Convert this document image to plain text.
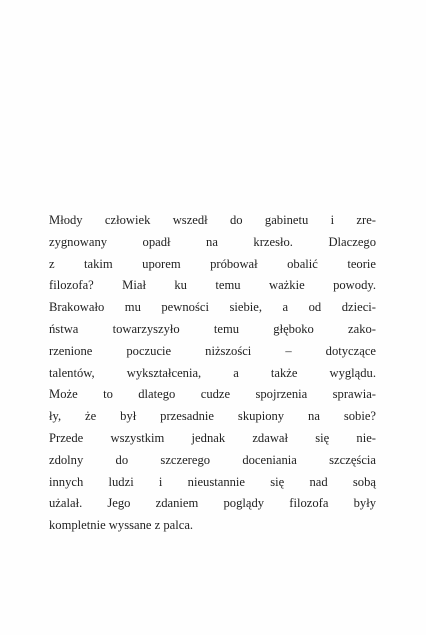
Młody człowiek wszedł do gabinetu i zre-
zygnowany opadł na krzesło. Dlaczego
z takim uporem próbował obalić teorie
filozofa? Miał ku temu ważkie powody.
Brakowało mu pewności siebie, a od dzieci-
ństwa towarzyszyło temu głęboko zako-
rzenione poczucie niższości – dotyczące
talentów, wykształcenia, a także wyglądu.
Może to dlatego cudze spojrzenia sprawia-
ły, że był przesadnie skupiony na sobie?
Przede wszystkim jednak zdawał się nie-
zdolny do szczerego doceniania szczęścia
innych ludzi i nieustannie się nad sobą
użalał. Jego zdaniem poglądy filozofa były
kompletnie wyssane z palca.
